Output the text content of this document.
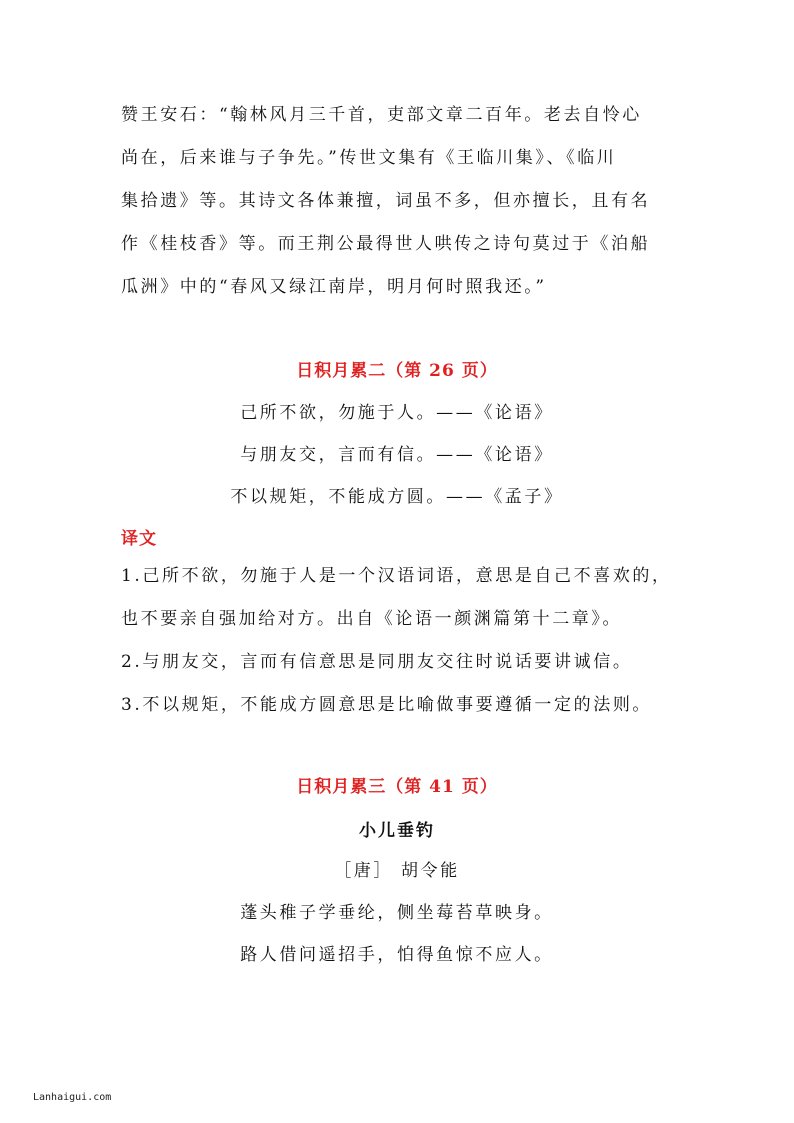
赞王安石：“翰林风月三千首，吏部文章二百年。老去自怜心
尚在，后来谁与子争先。”传世文集有《王临川集》、《临川
集拾遗》等。其诗文各体兼擅，词虽不多，但亦擅长，且有名
作《桂枝香》等。而王荆公最得世人哄传之诗句莫过于《泊船
瓜洲》中的“春风又绿江南岸，明月何时照我还。”
日积月累二（第 26 页）
己所不欲，勿施于人。——《论语》
与朋友交，言而有信。——《论语》
不以规矩，不能成方圆。——《孟子》
译文
1.己所不欲，勿施于人是一个汉语词语，意思是自己不喜欢的，
也不要亲自强加给对方。出自《论语一颜渊篇第十二章》。
2.与朋友交，言而有信意思是同朋友交往时说话要讲诚信。
3.不以规矩，不能成方圆意思是比喻做事要遵循一定的法则。
日积月累三（第 41 页）
小儿垂钓
［唐］ 胡令能
蓬头稚子学垂纶，侧坐莓苔草映身。
路人借问遥招手，怕得鱼惊不应人。
Lanhaigui.com
